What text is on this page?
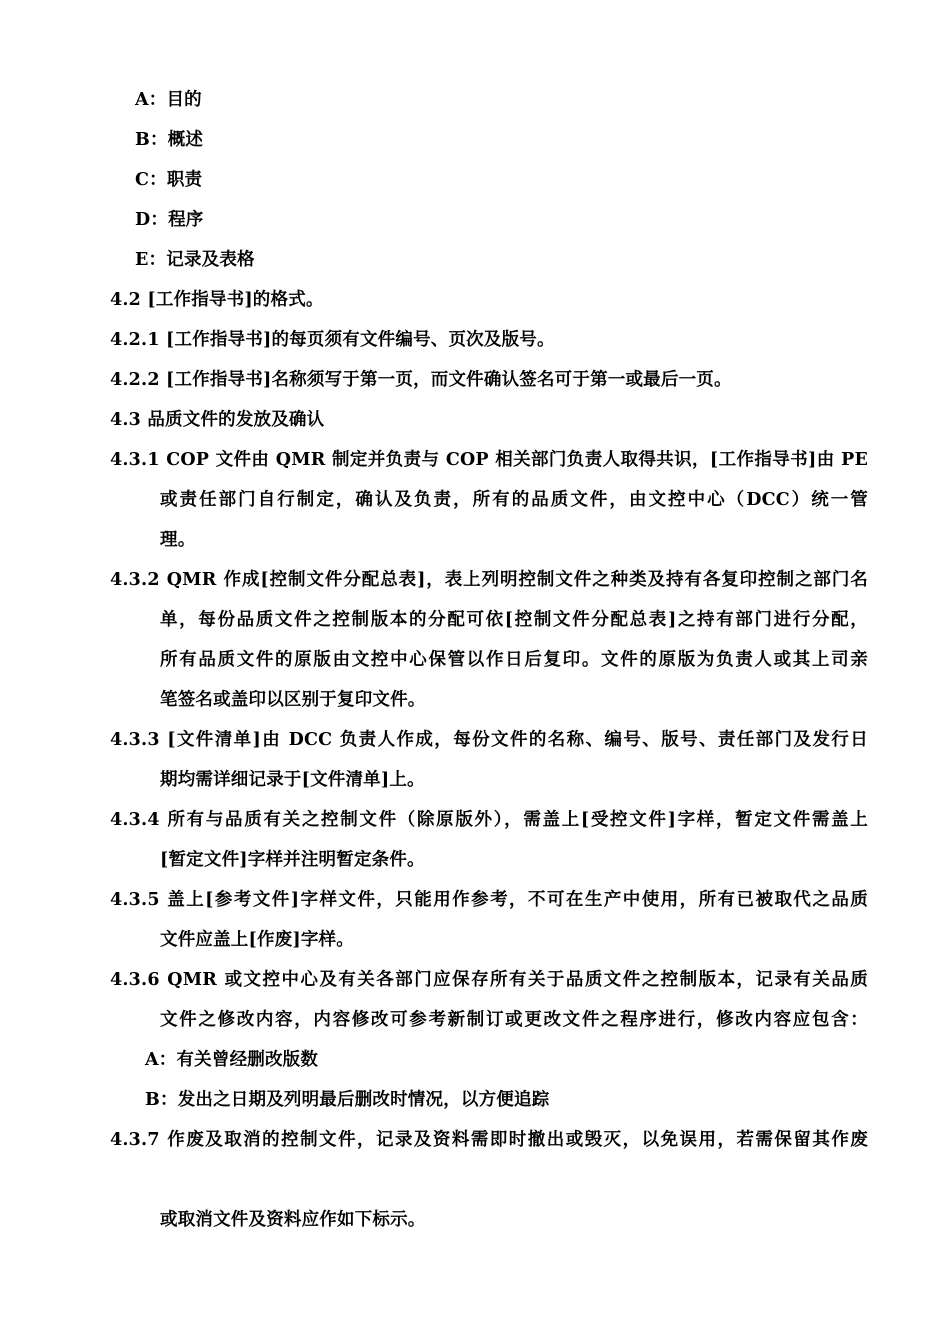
A：目的
B：概述
C：职责
D：程序
E：记录及表格
4.2 [工作指导书]的格式。
4.2.1 [工作指导书]的每页须有文件编号、页次及版号。
4.2.2 [工作指导书]名称须写于第一页，而文件确认签名可于第一或最后一页。
4.3 品质文件的发放及确认
4.3.1 COP 文件由 QMR 制定并负责与 COP 相关部门负责人取得共识，[工作指导书]由 PE
或责任部门自行制定，确认及负责，所有的品质文件，由文控中心（DCC）统一管
理。
4.3.2 QMR 作成[控制文件分配总表]，表上列明控制文件之种类及持有各复印控制之部门名
单，每份品质文件之控制版本的分配可依[控制文件分配总表]之持有部门进行分配，
所有品质文件的原版由文控中心保管以作日后复印。文件的原版为负责人或其上司亲
笔签名或盖印以区别于复印文件。
4.3.3 [文件清单]由 DCC 负责人作成，每份文件的名称、编号、版号、责任部门及发行日
期均需详细记录于[文件清单]上。
4.3.4 所有与品质有关之控制文件（除原版外），需盖上[受控文件]字样，暂定文件需盖上
[暂定文件]字样并注明暂定条件。
4.3.5 盖上[参考文件]字样文件，只能用作参考，不可在生产中使用，所有已被取代之品质
文件应盖上[作废]字样。
4.3.6 QMR 或文控中心及有关各部门应保存所有关于品质文件之控制版本，记录有关品质
文件之修改内容，内容修改可参考新制订或更改文件之程序进行，修改内容应包含：
A：有关曾经删改版数
B：发出之日期及列明最后删改时情况，以方便追踪
4.3.7 作废及取消的控制文件，记录及资料需即时撤出或毁灭，以免误用，若需保留其作废
或取消文件及资料应作如下标示。
